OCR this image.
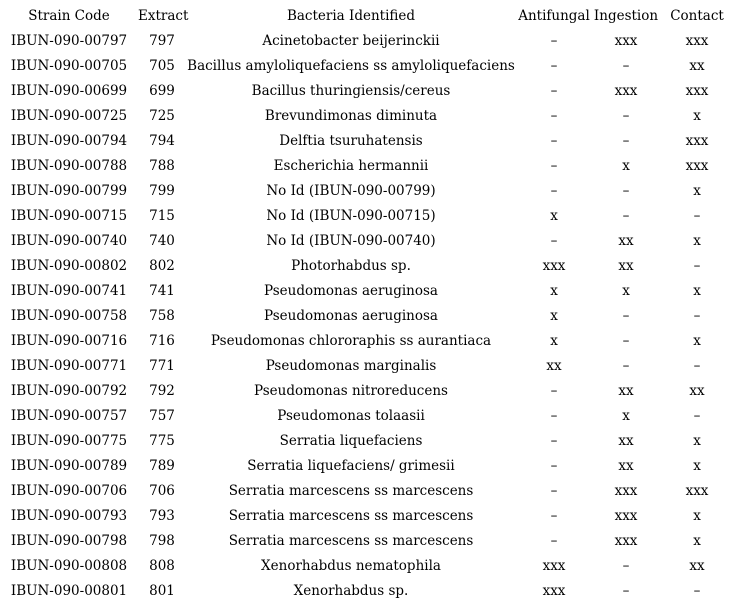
Strain Code	Extract	Bacteria Identified	Antifungal	Ingestion	Contact
IBUN-090-00797	797	Acinetobacter beijerinckii	–	xxx	xxx
IBUN-090-00705	705	Bacillus amyloliquefaciens ss amyloliquefaciens	–	–	xx
IBUN-090-00699	699	Bacillus thuringiensis/cereus	–	xxx	xxx
IBUN-090-00725	725	Brevundimonas diminuta	–	–	x
IBUN-090-00794	794	Delftia tsuruhatensis	–	–	xxx
IBUN-090-00788	788	Escherichia hermannii	–	x	xxx
IBUN-090-00799	799	No Id (IBUN-090-00799)	–	–	x
IBUN-090-00715	715	No Id (IBUN-090-00715)	x	–	–
IBUN-090-00740	740	No Id (IBUN-090-00740)	–	xx	x
IBUN-090-00802	802	Photorhabdus sp.	xxx	xx	–
IBUN-090-00741	741	Pseudomonas aeruginosa	x	x	x
IBUN-090-00758	758	Pseudomonas aeruginosa	x	–	–
IBUN-090-00716	716	Pseudomonas chlororaphis ss aurantiaca	x	–	x
IBUN-090-00771	771	Pseudomonas marginalis	xx	–	–
IBUN-090-00792	792	Pseudomonas nitroreducens	–	xx	xx
IBUN-090-00757	757	Pseudomonas tolaasii	–	x	–
IBUN-090-00775	775	Serratia liquefaciens	–	xx	x
IBUN-090-00789	789	Serratia liquefaciens/ grimesii	–	xx	x
IBUN-090-00706	706	Serratia marcescens ss marcescens	–	xxx	xxx
IBUN-090-00793	793	Serratia marcescens ss marcescens	–	xxx	x
IBUN-090-00798	798	Serratia marcescens ss marcescens	–	xxx	x
IBUN-090-00808	808	Xenorhabdus nematophila	xxx	–	xx
IBUN-090-00801	801	Xenorhabdus sp.	xxx	–	–
